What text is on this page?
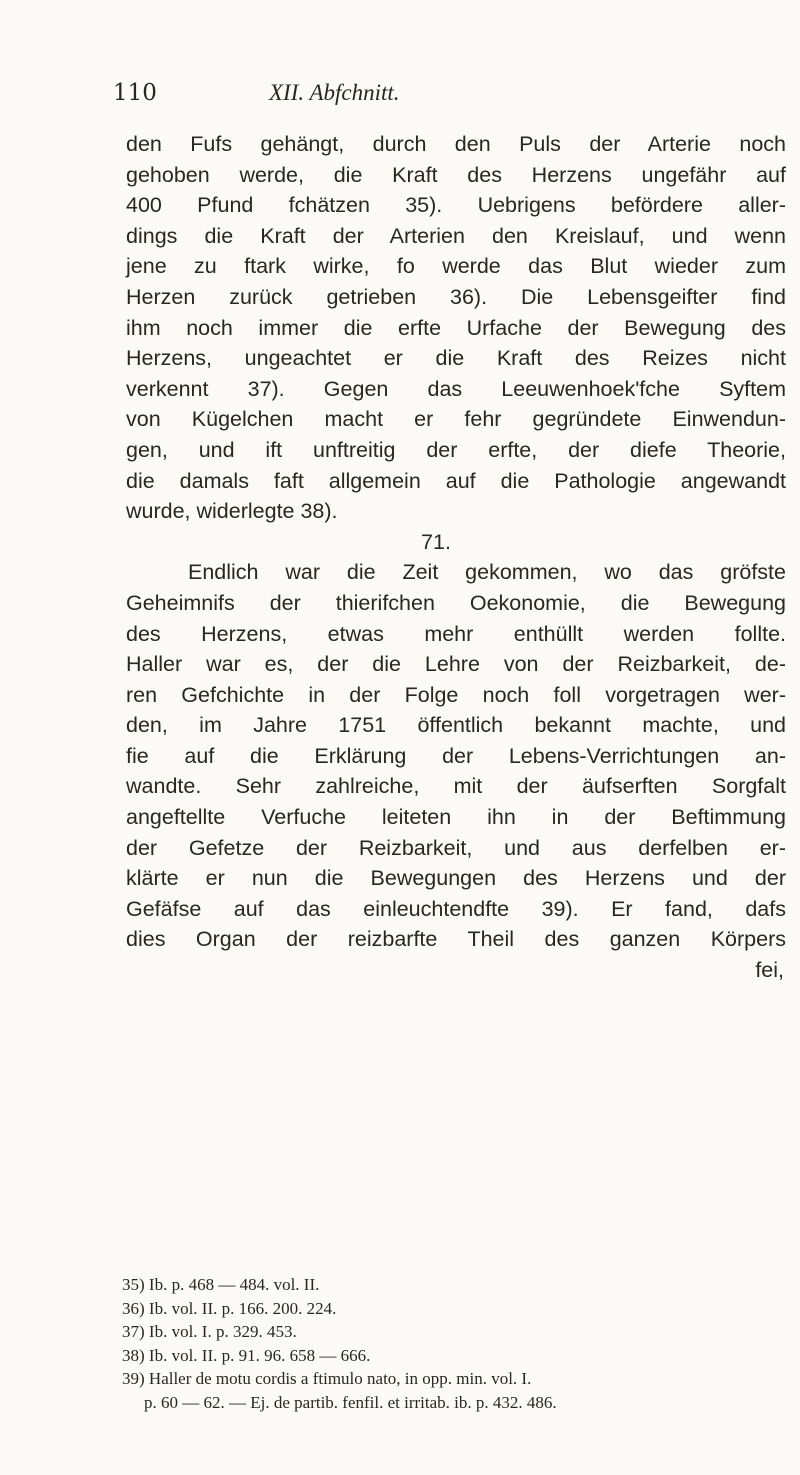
110	XII. Abfchnitt.
den Fufs gehängt, durch den Puls der Arterie noch
gehoben werde, die Kraft des Herzens ungefähr auf
400 Pfund fchätzen 35). Uebrigens befördere aller-
dings die Kraft der Arterien den Kreislauf, und wenn
jene zu ftark wirke, fo werde das Blut wieder zum
Herzen zurück getrieben 36). Die Lebensgeifter find
ihm noch immer die erfte Urfache der Bewegung des
Herzens, ungeachtet er die Kraft des Reizes nicht
verkennt 37). Gegen das Leeuwenhoek'fche Syftem
von Kügelchen macht er fehr gegründete Einwendun-
gen, und ift unftreitig der erfte, der diefe Theorie,
die damals faft allgemein auf die Pathologie angewandt
wurde, widerlegte 38).
71.
Endlich war die Zeit gekommen, wo das gröfste
Geheimnifs der thierifchen Oekonomie, die Bewegung
des Herzens, etwas mehr enthüllt werden follte.
Haller war es, der die Lehre von der Reizbarkeit, de-
ren Gefchichte in der Folge noch foll vorgetragen wer-
den, im Jahre 1751 öffentlich bekannt machte, und
fie auf die Erklärung der Lebens-Verrichtungen an-
wandte. Sehr zahlreiche, mit der äufserften Sorgfalt
angeftellte Verfuche leiteten ihn in der Beftimmung
der Gefetze der Reizbarkeit, und aus derfelben er-
klärte er nun die Bewegungen des Herzens und der
Gefäfse auf das einleuchtendfte 39). Er fand, dafs
dies Organ der reizbarfte Theil des ganzen Körpers
fei,
35) Ib. p. 468 — 484. vol. II.
36) Ib. vol. II. p. 166. 200. 224.
37) Ib. vol. I. p. 329. 453.
38) Ib. vol. II. p. 91. 96. 658 — 666.
39) Haller de motu cordis a ftimulo nato, in opp. min. vol. I.
p. 60 — 62. — Ej. de partib. fenfil. et irritab. ib. p. 432. 486.
